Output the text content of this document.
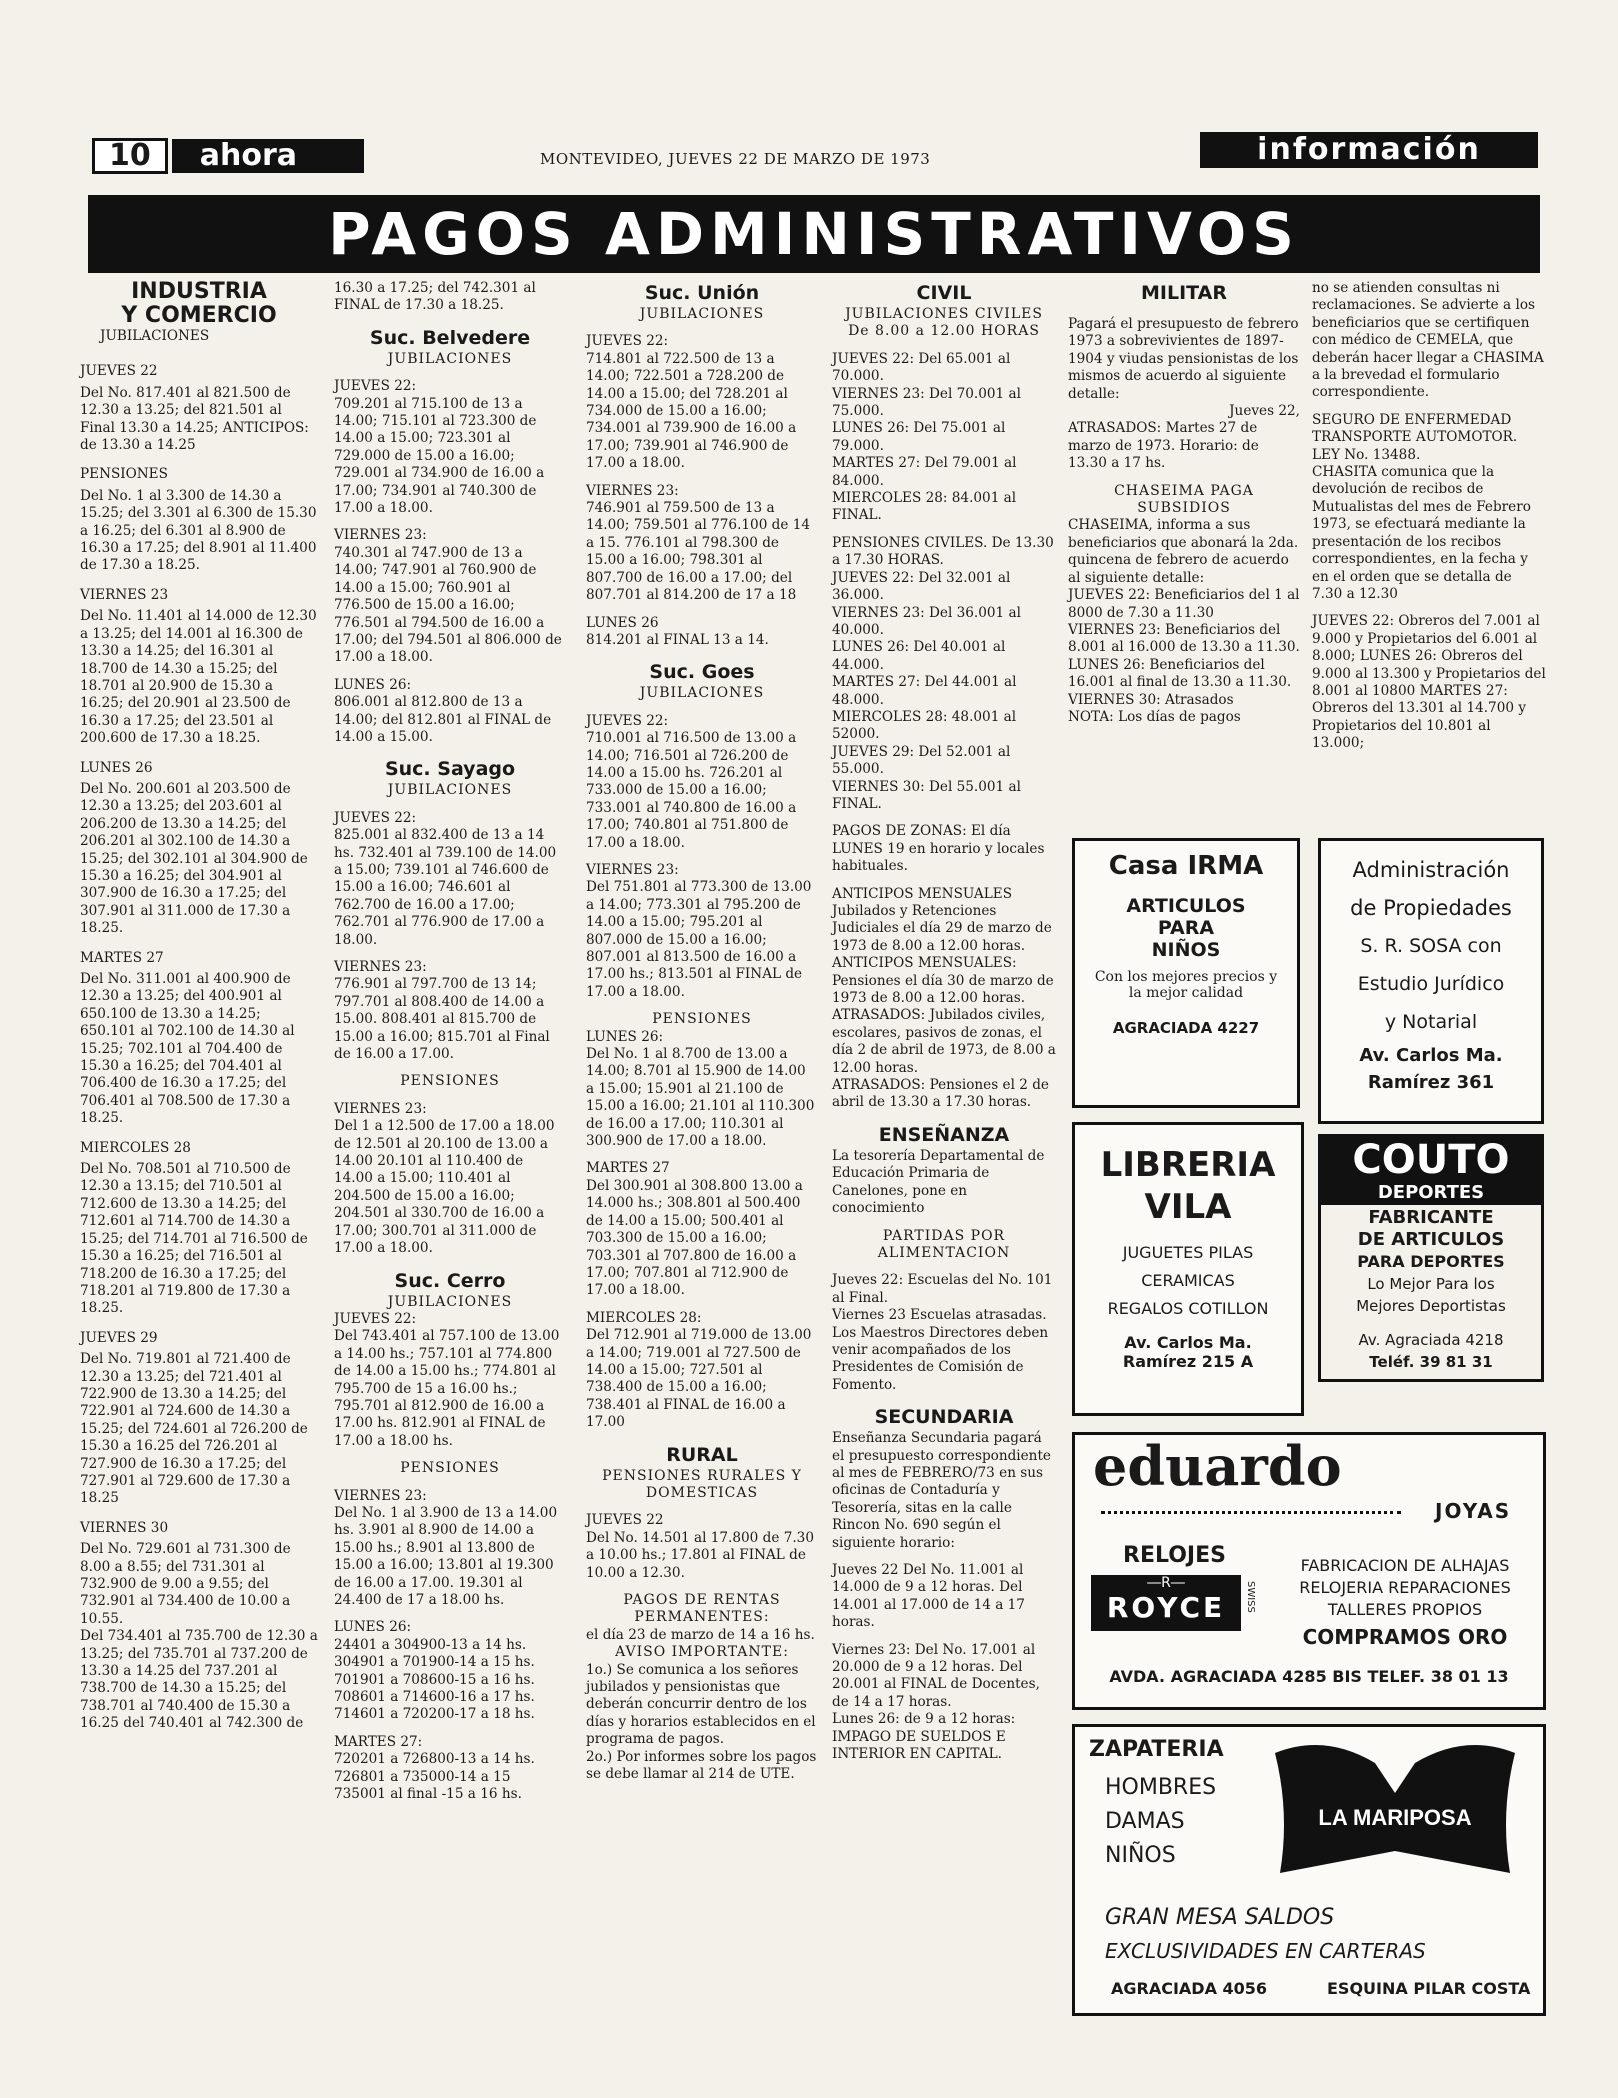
10	ahora	MONTEVIDEO, JUEVES 22 DE MARZO DE 1973	información
PAGOS ADMINISTRATIVOS

INDUSTRIA

Y COMERCIO

JUBILACIONES

JUEVES 22

Del No. 817.401 al 821.500 de 12.30 a 13.25; del 821.501 al Final 13.30 a 14.25; ANTICIPOS: de 13.30 a 14.25

PENSIONES

Del No. 1 al 3.300 de 14.30 a 15.25; del 3.301 al 6.300 de 15.30 a 16.25; del 6.301 al 8.900 de 16.30 a 17.25; del 8.901 al 11.400 de 17.30 a 18.25.

VIERNES 23

Del No. 11.401 al 14.000 de 12.30 a 13.25; del 14.001 al 16.300 de 13.30 a 14.25; del 16.301 al 18.700 de 14.30 a 15.25; del 18.701 al 20.900 de 15.30 a 16.25; del 20.901 al 23.500 de 16.30 a 17.25; del 23.501 al 200.600 de 17.30 a 18.25.

LUNES 26

Del No. 200.601 al 203.500 de 12.30 a 13.25; del 203.601 al 206.200 de 13.30 a 14.25; del 206.201 al 302.100 de 14.30 a 15.25; del 302.101 al 304.900 de 15.30 a 16.25; del 304.901 al 307.900 de 16.30 a 17.25; del 307.901 al 311.000 de 17.30 a 18.25.

MARTES 27

Del No. 311.001 al 400.900 de 12.30 a 13.25; del 400.901 al 650.100 de 13.30 a 14.25; 650.101 al 702.100 de 14.30 al 15.25; 702.101 al 704.400 de 15.30 a 16.25; del 704.401 al 706.400 de 16.30 a 17.25; del 706.401 al 708.500 de 17.30 a 18.25.

MIERCOLES 28

Del No. 708.501 al 710.500 de 12.30 a 13.15; del 710.501 al 712.600 de 13.30 a 14.25; del 712.601 al 714.700 de 14.30 a 15.25; del 714.701 al 716.500 de 15.30 a 16.25; del 716.501 al 718.200 de 16.30 a 17.25; del 718.201 al 719.800 de 17.30 a 18.25.

JUEVES 29

Del No. 719.801 al 721.400 de 12.30 a 13.25; del 721.401 al 722.900 de 13.30 a 14.25; del 722.901 al 724.600 de 14.30 a 15.25; del 724.601 al 726.200 de 15.30 a 16.25 del 726.201 al 727.900 de 16.30 a 17.25; del 727.901 al 729.600 de 17.30 a 18.25

VIERNES 30

Del No. 729.601 al 731.300 de 8.00 a 8.55; del 731.301 al 732.900 de 9.00 a 9.55; del 732.901 al 734.400 de 10.00 a 10.55.

Del 734.401 al 735.700 de 12.30 a 13.25; del 735.701 al 737.200 de 13.30 a 14.25 del 737.201 al 738.700 de 14.30 a 15.25; del 738.701 al 740.400 de 15.30 a 16.25 del 740.401 al 742.300 de

16.30 a 17.25; del 742.301 al FINAL de 17.30 a 18.25.

Suc. Belvedere

JUBILACIONES

JUEVES 22:

709.201 al 715.100 de 13 a 14.00; 715.101 al 723.300 de 14.00 a 15.00; 723.301 al 729.000 de 15.00 a 16.00; 729.001 al 734.900 de 16.00 a 17.00; 734.901 al 740.300 de 17.00 a 18.00.

VIERNES 23:

740.301 al 747.900 de 13 a 14.00; 747.901 al 760.900 de 14.00 a 15.00; 760.901 al 776.500 de 15.00 a 16.00; 776.501 al 794.500 de 16.00 a 17.00; del 794.501 al 806.000 de 17.00 a 18.00.

LUNES 26:

806.001 al 812.800 de 13 a 14.00; del 812.801 al FINAL de 14.00 a 15.00.

Suc. Sayago

JUBILACIONES

JUEVES 22:

825.001 al 832.400 de 13 a 14 hs. 732.401 al 739.100 de 14.00 a 15.00; 739.101 al 746.600 de 15.00 a 16.00; 746.601 al 762.700 de 16.00 a 17.00; 762.701 al 776.900 de 17.00 a 18.00.

VIERNES 23:

776.901 al 797.700 de 13 14; 797.701 al 808.400 de 14.00 a 15.00. 808.401 al 815.700 de 15.00 a 16.00; 815.701 al Final de 16.00 a 17.00.

PENSIONES

VIERNES 23:

Del 1 a 12.500 de 17.00 a 18.00 de 12.501 al 20.100 de 13.00 a 14.00 20.101 al 110.400 de 14.00 a 15.00; 110.401 al 204.500 de 15.00 a 16.00; 204.501 al 330.700 de 16.00 a 17.00; 300.701 al 311.000 de 17.00 a 18.00.

Suc. Cerro

JUBILACIONES

JUEVES 22:

Del 743.401 al 757.100 de 13.00 a 14.00 hs.; 757.101 al 774.800 de 14.00 a 15.00 hs.; 774.801 al 795.700 de 15 a 16.00 hs.; 795.701 al 812.900 de 16.00 a 17.00 hs. 812.901 al FINAL de 17.00 a 18.00 hs.

PENSIONES

VIERNES 23:

Del No. 1 al 3.900 de 13 a 14.00 hs. 3.901 al 8.900 de 14.00 a 15.00 hs.; 8.901 al 13.800 de 15.00 a 16.00; 13.801 al 19.300 de 16.00 a 17.00. 19.301 al 24.400 de 17 a 18.00 hs.

LUNES 26:

24401 a 304900-13 a 14 hs. 304901 a 701900-14 a 15 hs. 701901 a 708600-15 a 16 hs. 708601 a 714600-16 a 17 hs. 714601 a 720200-17 a 18 hs.

MARTES 27:

720201 a 726800-13 a 14 hs. 726801 a 735000-14 a 15 735001 al final -15 a 16 hs.

Suc. Unión

JUBILACIONES

JUEVES 22:

714.801 al 722.500 de 13 a 14.00; 722.501 a 728.200 de 14.00 a 15.00; del 728.201 al 734.000 de 15.00 a 16.00; 734.001 al 739.900 de 16.00 a 17.00; 739.901 al 746.900 de 17.00 a 18.00.

VIERNES 23:

746.901 al 759.500 de 13 a 14.00; 759.501 al 776.100 de 14 a 15. 776.101 al 798.300 de 15.00 a 16.00; 798.301 al 807.700 de 16.00 a 17.00; del 807.701 al 814.200 de 17 a 18

LUNES 26

814.201 al FINAL 13 a 14.

Suc. Goes

JUBILACIONES

JUEVES 22:

710.001 al 716.500 de 13.00 a 14.00; 716.501 al 726.200 de 14.00 a 15.00 hs. 726.201 al 733.000 de 15.00 a 16.00; 733.001 al 740.800 de 16.00 a 17.00; 740.801 al 751.800 de 17.00 a 18.00.

VIERNES 23:

Del 751.801 al 773.300 de 13.00 a 14.00; 773.301 al 795.200 de 14.00 a 15.00; 795.201 al 807.000 de 15.00 a 16.00; 807.001 al 813.500 de 16.00 a 17.00 hs.; 813.501 al FINAL de 17.00 a 18.00.

PENSIONES

LUNES 26:

Del No. 1 al 8.700 de 13.00 a 14.00; 8.701 al 15.900 de 14.00 a 15.00; 15.901 al 21.100 de 15.00 a 16.00; 21.101 al 110.300 de 16.00 a 17.00; 110.301 al 300.900 de 17.00 a 18.00.

MARTES 27

Del 300.901 al 308.800 13.00 a 14.000 hs.; 308.801 al 500.400 de 14.00 a 15.00; 500.401 al 703.300 de 15.00 a 16.00; 703.301 al 707.800 de 16.00 a 17.00; 707.801 al 712.900 de 17.00 a 18.00.

MIERCOLES 28:

Del 712.901 al 719.000 de 13.00 a 14.00; 719.001 al 727.500 de 14.00 a 15.00; 727.501 al 738.400 de 15.00 a 16.00; 738.401 al FINAL de 16.00 a 17.00

RURAL

PENSIONES RURALES Y DOMESTICAS

JUEVES 22

Del No. 14.501 al 17.800 de 7.30 a 10.00 hs.; 17.801 al FINAL de 10.00 a 12.30.

PAGOS DE RENTAS PERMANENTES:

el día 23 de marzo de 14 a 16 hs.

AVISO IMPORTANTE:

1o.) Se comunica a los señores jubilados y pensionistas que deberán concurrir dentro de los días y horarios establecidos en el programa de pagos.

2o.) Por informes sobre los pagos se debe llamar al 214 de UTE.

CIVIL

JUBILACIONES CIVILES De 8.00 a 12.00 HORAS

JUEVES 22: Del 65.001 al 70.000.

VIERNES 23: Del 70.001 al 75.000.

LUNES 26: Del 75.001 al 79.000.

MARTES 27: Del 79.001 al 84.000.

MIERCOLES 28: 84.001 al FINAL.

PENSIONES CIVILES. De 13.30 a 17.30 HORAS.

JUEVES 22: Del 32.001 al 36.000.

VIERNES 23: Del 36.001 al 40.000.

LUNES 26: Del 40.001 al 44.000.

MARTES 27: Del 44.001 al 48.000.

MIERCOLES 28: 48.001 al 52000.

JUEVES 29: Del 52.001 al 55.000.

VIERNES 30: Del 55.001 al FINAL.

PAGOS DE ZONAS: El día LUNES 19 en horario y locales habituales.

ANTICIPOS MENSUALES Jubilados y Retenciones Judiciales el día 29 de marzo de 1973 de 8.00 a 12.00 horas.

ANTICIPOS MENSUALES: Pensiones el día 30 de marzo de 1973 de 8.00 a 12.00 horas.

ATRASADOS: Jubilados civiles, escolares, pasivos de zonas, el día 2 de abril de 1973, de 8.00 a 12.00 horas.

ATRASADOS: Pensiones el 2 de abril de 13.30 a 17.30 horas.

ENSEÑANZA

La tesorería Departamental de Educación Primaria de Canelones, pone en conocimiento

PARTIDAS POR ALIMENTACION

Jueves 22: Escuelas del No. 101 al Final.

Viernes 23 Escuelas atrasadas.

Los Maestros Directores deben venir acompañados de los Presidentes de Comisión de Fomento.

SECUNDARIA

Enseñanza Secundaria pagará el presupuesto correspondiente al mes de FEBRERO/73 en sus oficinas de Contaduría y Tesorería, sitas en la calle Rincon No. 690 según el siguiente horario:

Jueves 22 Del No. 11.001 al 14.000 de 9 a 12 horas. Del 14.001 al 17.000 de 14 a 17 horas.

Viernes 23: Del No. 17.001 al 20.000 de 9 a 12 horas. Del 20.001 al FINAL de Docentes, de 14 a 17 horas.

Lunes 26: de 9 a 12 horas: IMPAGO DE SUELDOS E INTERIOR EN CAPITAL.

MILITAR

Pagará el presupuesto de febrero 1973 a sobrevivientes de 1897-1904 y viudas pensionistas de los mismos de acuerdo al siguiente detalle:

Jueves 22,

ATRASADOS: Martes 27 de marzo de 1973. Horario: de 13.30 a 17 hs.

CHASEIMA PAGA SUBSIDIOS

CHASEIMA, informa a sus beneficiarios que abonará la 2da. quincena de febrero de acuerdo al siguiente detalle:

JUEVES 22: Beneficiarios del 1 al 8000 de 7.30 a 11.30

VIERNES 23: Beneficiarios del 8.001 al 16.000 de 13.30 a 11.30.

LUNES 26: Beneficiarios del 16.001 al final de 13.30 a 11.30.

VIERNES 30: Atrasados

NOTA: Los días de pagos

no se atienden consultas ni reclamaciones. Se advierte a los beneficiarios que se certifiquen con médico de CEMELA, que deberán hacer llegar a CHASIMA a la brevedad el formulario correspondiente.

SEGURO DE ENFERMEDAD TRANSPORTE AUTOMOTOR. LEY No. 13488.

CHASITA comunica que la devolución de recibos de Mutualistas del mes de Febrero 1973, se efectuará mediante la presentación de los recibos correspondientes, en la fecha y en el orden que se detalla de 7.30 a 12.30

JUEVES 22: Obreros del 7.001 al 9.000 y Propietarios del 6.001 al 8.000; LUNES 26: Obreros del 9.000 al 13.300 y Propietarios del 8.001 al 10800 MARTES 27: Obreros del 13.301 al 14.700 y Propietarios del 10.801 al 13.000;

Casa IRMA

ARTICULOS

PARA

NIÑOS

Con los mejores precios y la mejor calidad

AGRACIADA 4227

Administración

de Propiedades

S. R. SOSA con

Estudio Jurídico

y Notarial

Av. Carlos Ma.

Ramírez 361

LIBRERIA

VILA

JUGUETES PILAS

CERAMICAS

REGALOS COTILLON

Av. Carlos Ma.

Ramírez 215 A

COUTO

DEPORTES

FABRICANTE

DE ARTICULOS

PARA DEPORTES

Lo Mejor Para los

Mejores Deportistas

Av. Agraciada 4218

Teléf. 39 81 31

eduardo

JOYAS

RELOJES

―R―

ROYCE	SWISS

FABRICACION DE ALHAJAS

RELOJERIA REPARACIONES

TALLERES PROPIOS

COMPRAMOS ORO

AVDA. AGRACIADA 4285 BIS TELEF. 38 01 13

ZAPATERIA

HOMBRES

DAMAS

NIÑOS

LA MARIPOSA

GRAN MESA SALDOS

EXCLUSIVIDADES EN CARTERAS

AGRACIADA 4056	ESQUINA PILAR COSTA
